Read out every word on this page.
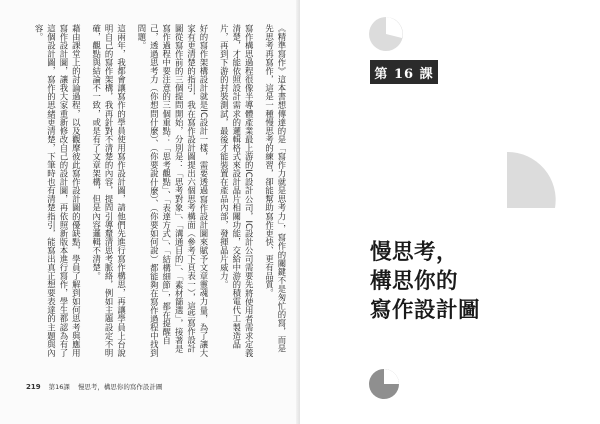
《精準寫作》這本書想傳達的是「寫作力就是思考力」，寫作的關鍵不是匆忙的寫，而是先思考再寫作，這是一種慢思考的練習，卻能幫助寫作更快、更有品質。

寫作構思過程很像半導體產業最上游的IC設計公司，IC設計公司需要先將使用者需求定義清楚，才能依照設計需求的邏輯格式來設計晶片相關功能，交給中游的積電代工製造晶片，再到下游的封裝測試，最後才能裝置在產品內部，發揮晶片威力。

好的寫作架構設計就是IC設計一樣，需要透過寫作設計圖來賦予文章靈魂力量，為了讓大家有更清楚的指引，我在寫作設計圖提出六個思考構面（參考下頁表一），這些寫作設計圖從寫作前的三個提問開始，分別是：「思考對象」、「溝通目的」、「素材篩選」，接著是寫作過程中要注意的三個重點：「思考觀點」、「表達方式」、「結構細節」，都在提醒自己，透過思考力（你想問什麼）、（你要說什麼）、（你要如何說）都能夠在寫作過程中找到問題。

這兩年，我都會讓寫作的學員使用寫作設計圖，請他們先進行寫作構思，再讓學員上台說明自己的寫作架構，我再針對不清楚的內容，提問引導釐清思考脈絡，例如主題設定不明確，觀點與結論不一致，或是有了文章架構，但是內容邏輯不清楚。

藉由課堂上的討論過程，以及觀摩彼此寫作設計圖的優缺點，學員了解到如何思考與應用寫作設計圖，讓我大家重新修改自己的設計圖，再依照新版本進行寫作，學生都認為有了這個設計圖，寫作的思緒更清楚，下筆時也有清楚指引，能寫出真正想要表達的主題與內容。

219 第16課 慢思考，構思你的寫作設計圖
第 16 課
慢思考，
構思你的
寫作設計圖
